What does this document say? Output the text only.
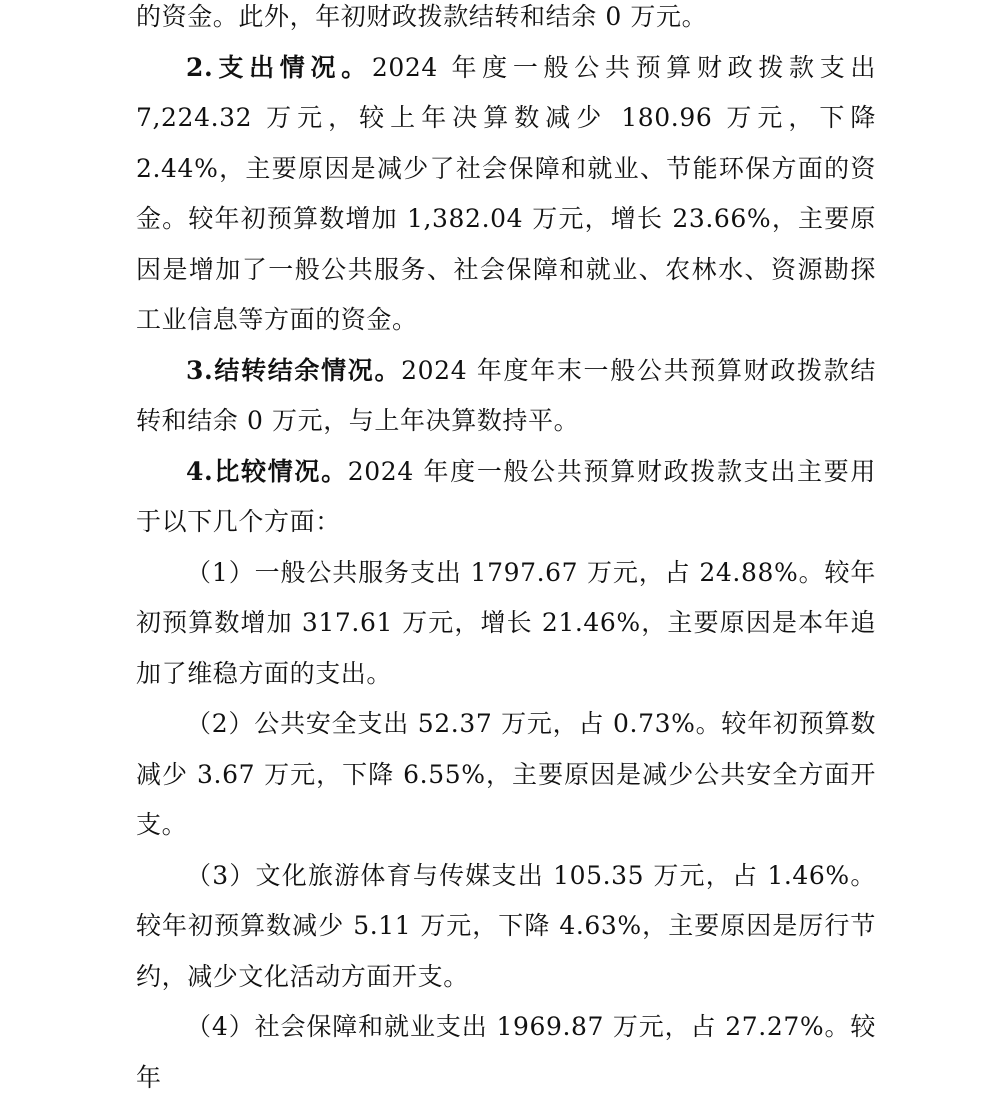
的资金。此外，年初财政拨款结转和结余 0 万元。

2.支出情况。2024 年度一般公共预算财政拨款支出 7,224.32 万元，较上年决算数减少 180.96 万元，下降 2.44%，主要原因是减少了社会保障和就业、节能环保方面的资金。较年初预算数增加 1,382.04 万元，增长 23.66%，主要原因是增加了一般公共服务、社会保障和就业、农林水、资源勘探工业信息等方面的资金。

3.结转结余情况。2024 年度年末一般公共预算财政拨款结转和结余 0 万元，与上年决算数持平。

4.比较情况。2024 年度一般公共预算财政拨款支出主要用于以下几个方面：

（1）一般公共服务支出 1797.67 万元，占 24.88%。较年初预算数增加 317.61 万元，增长 21.46%，主要原因是本年追加了维稳方面的支出。

（2）公共安全支出 52.37 万元，占 0.73%。较年初预算数减少 3.67 万元，下降 6.55%，主要原因是减少公共安全方面开支。

（3）文化旅游体育与传媒支出 105.35 万元，占 1.46%。较年初预算数减少 5.11 万元，下降 4.63%，主要原因是厉行节约，减少文化活动方面开支。

（4）社会保障和就业支出 1969.87 万元，占 27.27%。较年
